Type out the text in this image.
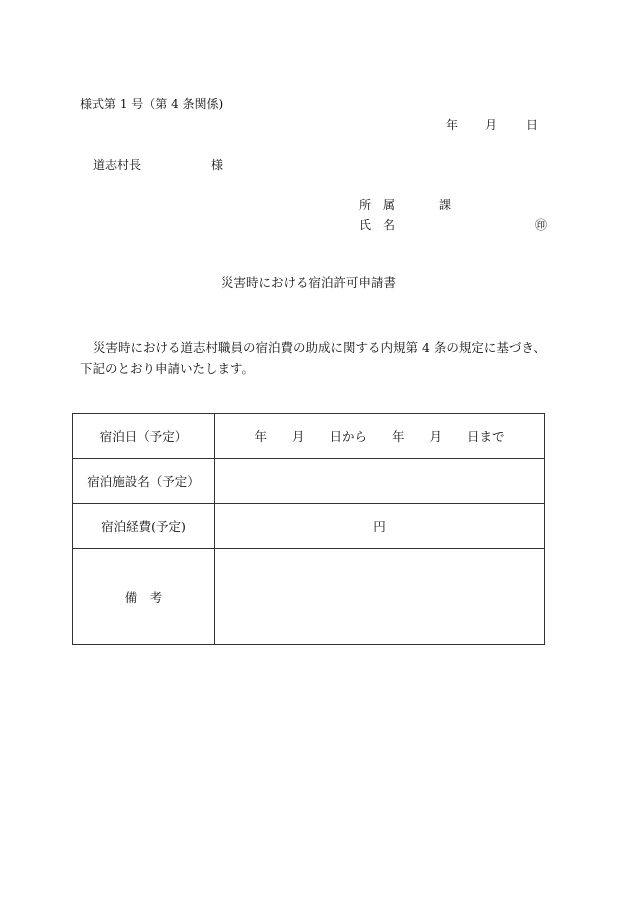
様式第 1 号（第 4 条関係)
年 月 日
道志村長	様
所　属	課
氏　名	㊞
災害時における宿泊許可申請書
災害時における道志村職員の宿泊費の助成に関する内規第 4 条の規定に基づき、下記のとおり申請いたします。
宿泊日（予定）	年　　月　　日から　　年　　月　　日まで
宿泊施設名（予定）	
宿泊経費(予定)	円
備　考	
